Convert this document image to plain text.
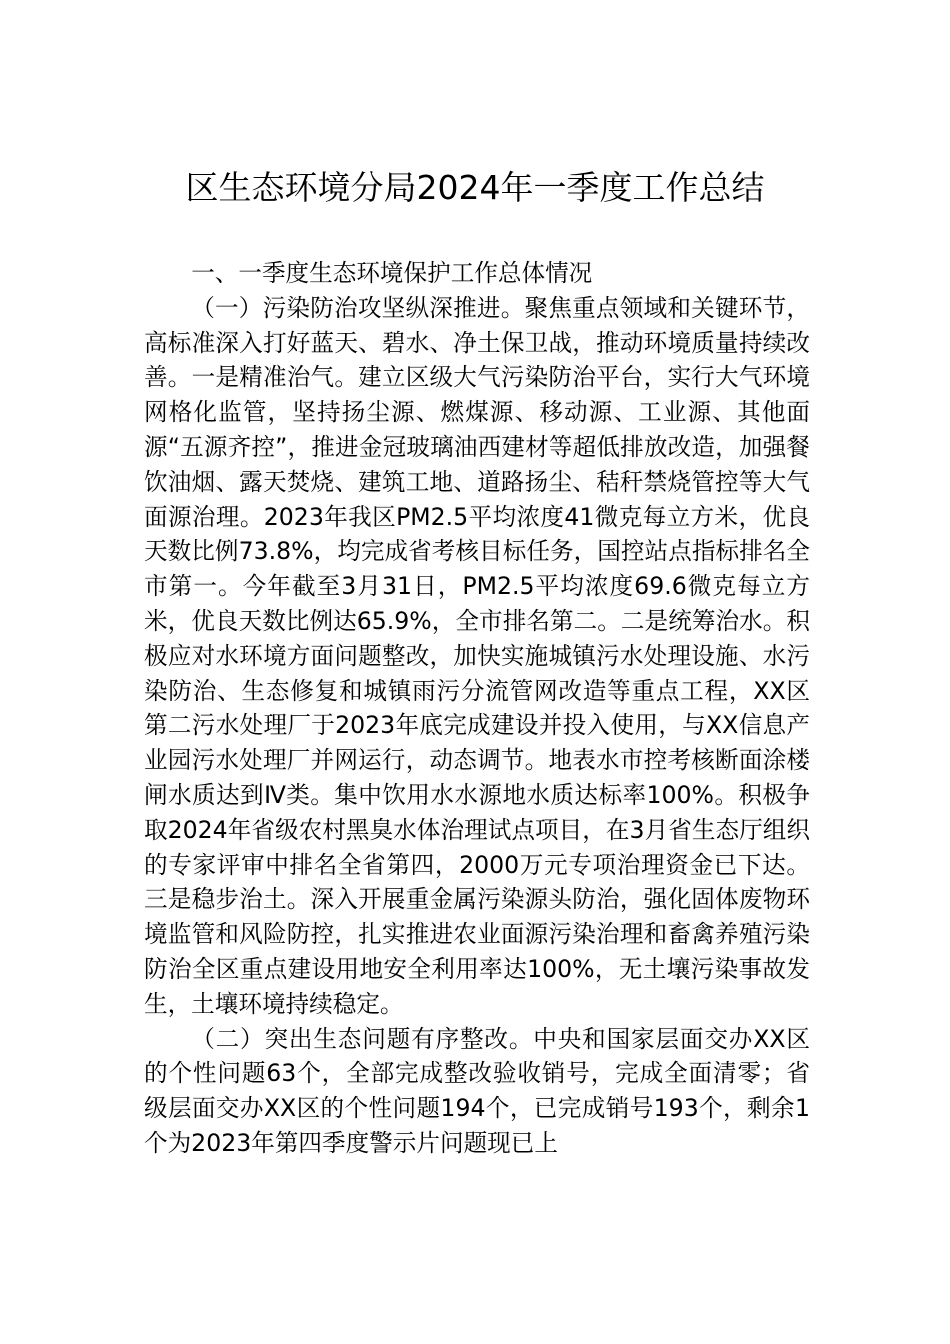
区生态环境分局2024年一季度工作总结

一、一季度生态环境保护工作总体情况

（一）污染防治攻坚纵深推进。聚焦重点领域和关键环节，高标准深入打好蓝天、碧水、净土保卫战，推动环境质量持续改善。一是精准治气。建立区级大气污染防治平台，实行大气环境网格化监管，坚持扬尘源、燃煤源、移动源、工业源、其他面源“五源齐控”，推进金冠玻璃油西建材等超低排放改造，加强餐饮油烟、露天焚烧、建筑工地、道路扬尘、秸秆禁烧管控等大气面源治理。2023年我区PM2.5平均浓度41微克每立方米，优良天数比例73.8%，均完成省考核目标任务，国控站点指标排名全市第一。今年截至3月31日，PM2.5平均浓度69.6微克每立方米，优良天数比例达65.9%，全市排名第二。二是统筹治水。积极应对水环境方面问题整改，加快实施城镇污水处理设施、水污染防治、生态修复和城镇雨污分流管网改造等重点工程，XX区第二污水处理厂于2023年底完成建设并投入使用，与XX信息产业园污水处理厂并网运行，动态调节。地表水市控考核断面涂楼闸水质达到Ⅳ类。集中饮用水水源地水质达标率100%。积极争取2024年省级农村黑臭水体治理试点项目，在3月省生态厅组织的专家评审中排名全省第四，2000万元专项治理资金已下达。三是稳步治土。深入开展重金属污染源头防治，强化固体废物环境监管和风险防控，扎实推进农业面源污染治理和畜禽养殖污染防治全区重点建设用地安全利用率达100%，无土壤污染事故发生，土壤环境持续稳定。

（二）突出生态问题有序整改。中央和国家层面交办XX区的个性问题63个，全部完成整改验收销号，完成全面清零；省级层面交办XX区的个性问题194个，已完成销号193个，剩余1个为2023年第四季度警示片问题现已上
